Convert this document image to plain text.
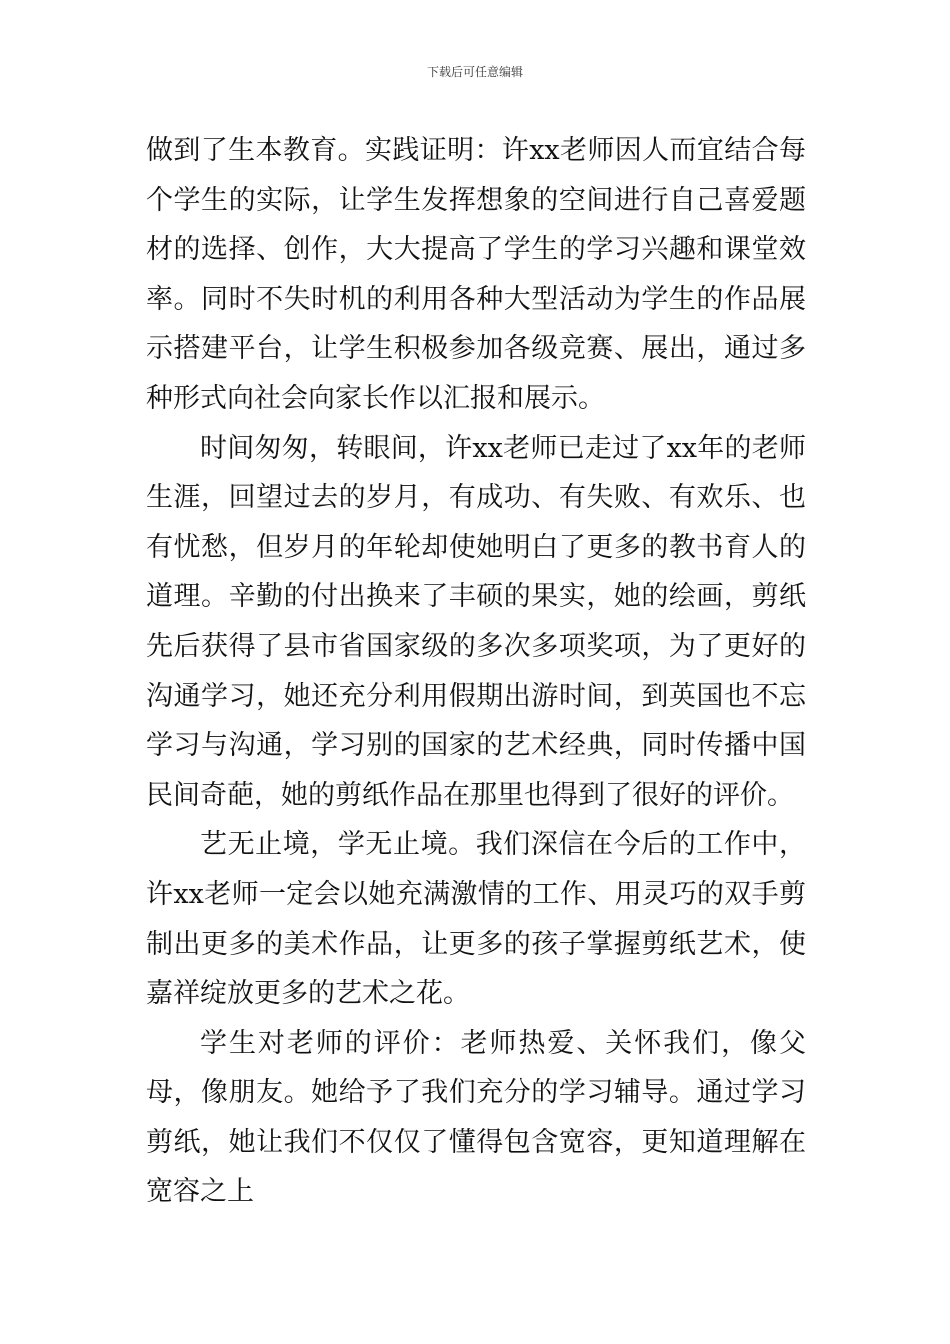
下载后可任意编辑

做到了生本教育。实践证明：许xx老师因人而宜结合每个学生的实际，让学生发挥想象的空间进行自己喜爱题材的选择、创作，大大提高了学生的学习兴趣和课堂效率。同时不失时机的利用各种大型活动为学生的作品展示搭建平台，让学生积极参加各级竞赛、展出，通过多种形式向社会向家长作以汇报和展示。

时间匆匆，转眼间，许xx老师已走过了xx年的老师生涯，回望过去的岁月，有成功、有失败、有欢乐、也有忧愁，但岁月的年轮却使她明白了更多的教书育人的道理。辛勤的付出换来了丰硕的果实，她的绘画，剪纸先后获得了县市省国家级的多次多项奖项，为了更好的沟通学习，她还充分利用假期出游时间，到英国也不忘学习与沟通，学习别的国家的艺术经典，同时传播中国民间奇葩，她的剪纸作品在那里也得到了很好的评价。

艺无止境，学无止境。我们深信在今后的工作中，许xx老师一定会以她充满激情的工作、用灵巧的双手剪制出更多的美术作品，让更多的孩子掌握剪纸艺术，使嘉祥绽放更多的艺术之花。

学生对老师的评价：老师热爱、关怀我们，像父母，像朋友。她给予了我们充分的学习辅导。通过学习剪纸，她让我们不仅仅了懂得包含宽容，更知道理解在宽容之上
